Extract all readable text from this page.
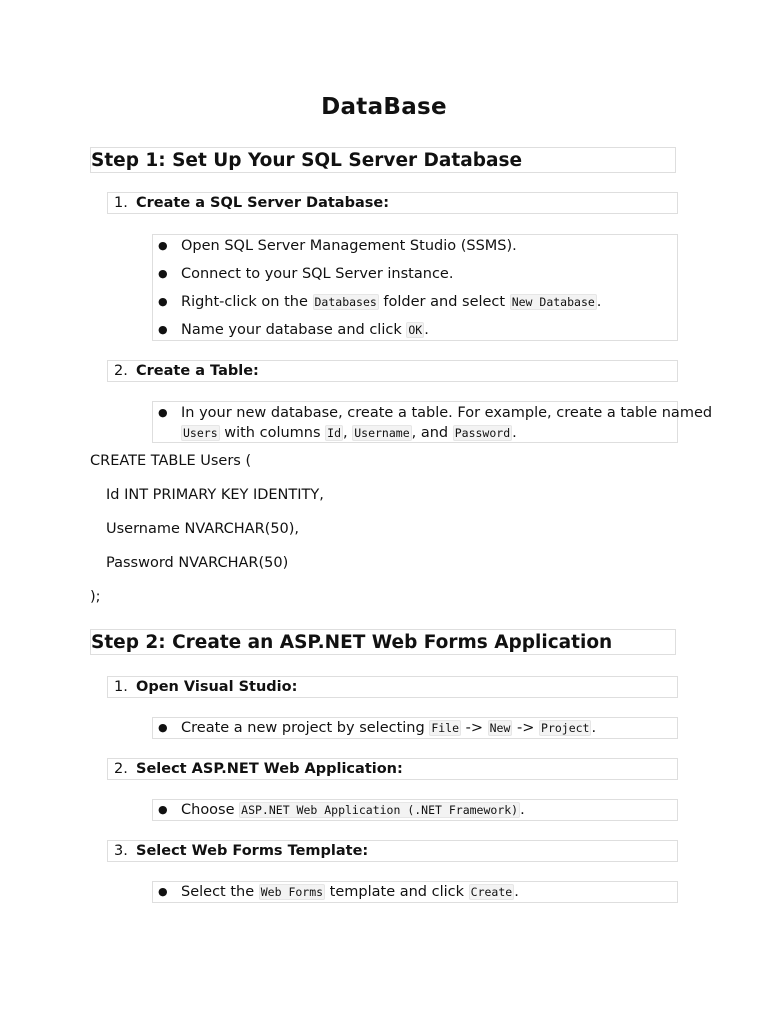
DataBase
Step 1: Set Up Your SQL Server Database
1. Create a SQL Server Database:
● Open SQL Server Management Studio (SSMS).
● Connect to your SQL Server instance.
● Right-click on the Databases folder and select New Database .
● Name your database and click OK .
2. Create a Table:
● In your new database, create a table. For example, create a table named
Users with columns Id , Username , and Password .
CREATE TABLE Users (
Id INT PRIMARY KEY IDENTITY,
Username NVARCHAR(50),
Password NVARCHAR(50)
);
Step 2: Create an ASP.NET Web Forms Application
1. Open Visual Studio:
● Create a new project by selecting File -> New -> Project .
2. Select ASP.NET Web Application:
● Choose ASP.NET Web Application (.NET Framework) .
3. Select Web Forms Template:
● Select the Web Forms template and click Create .
